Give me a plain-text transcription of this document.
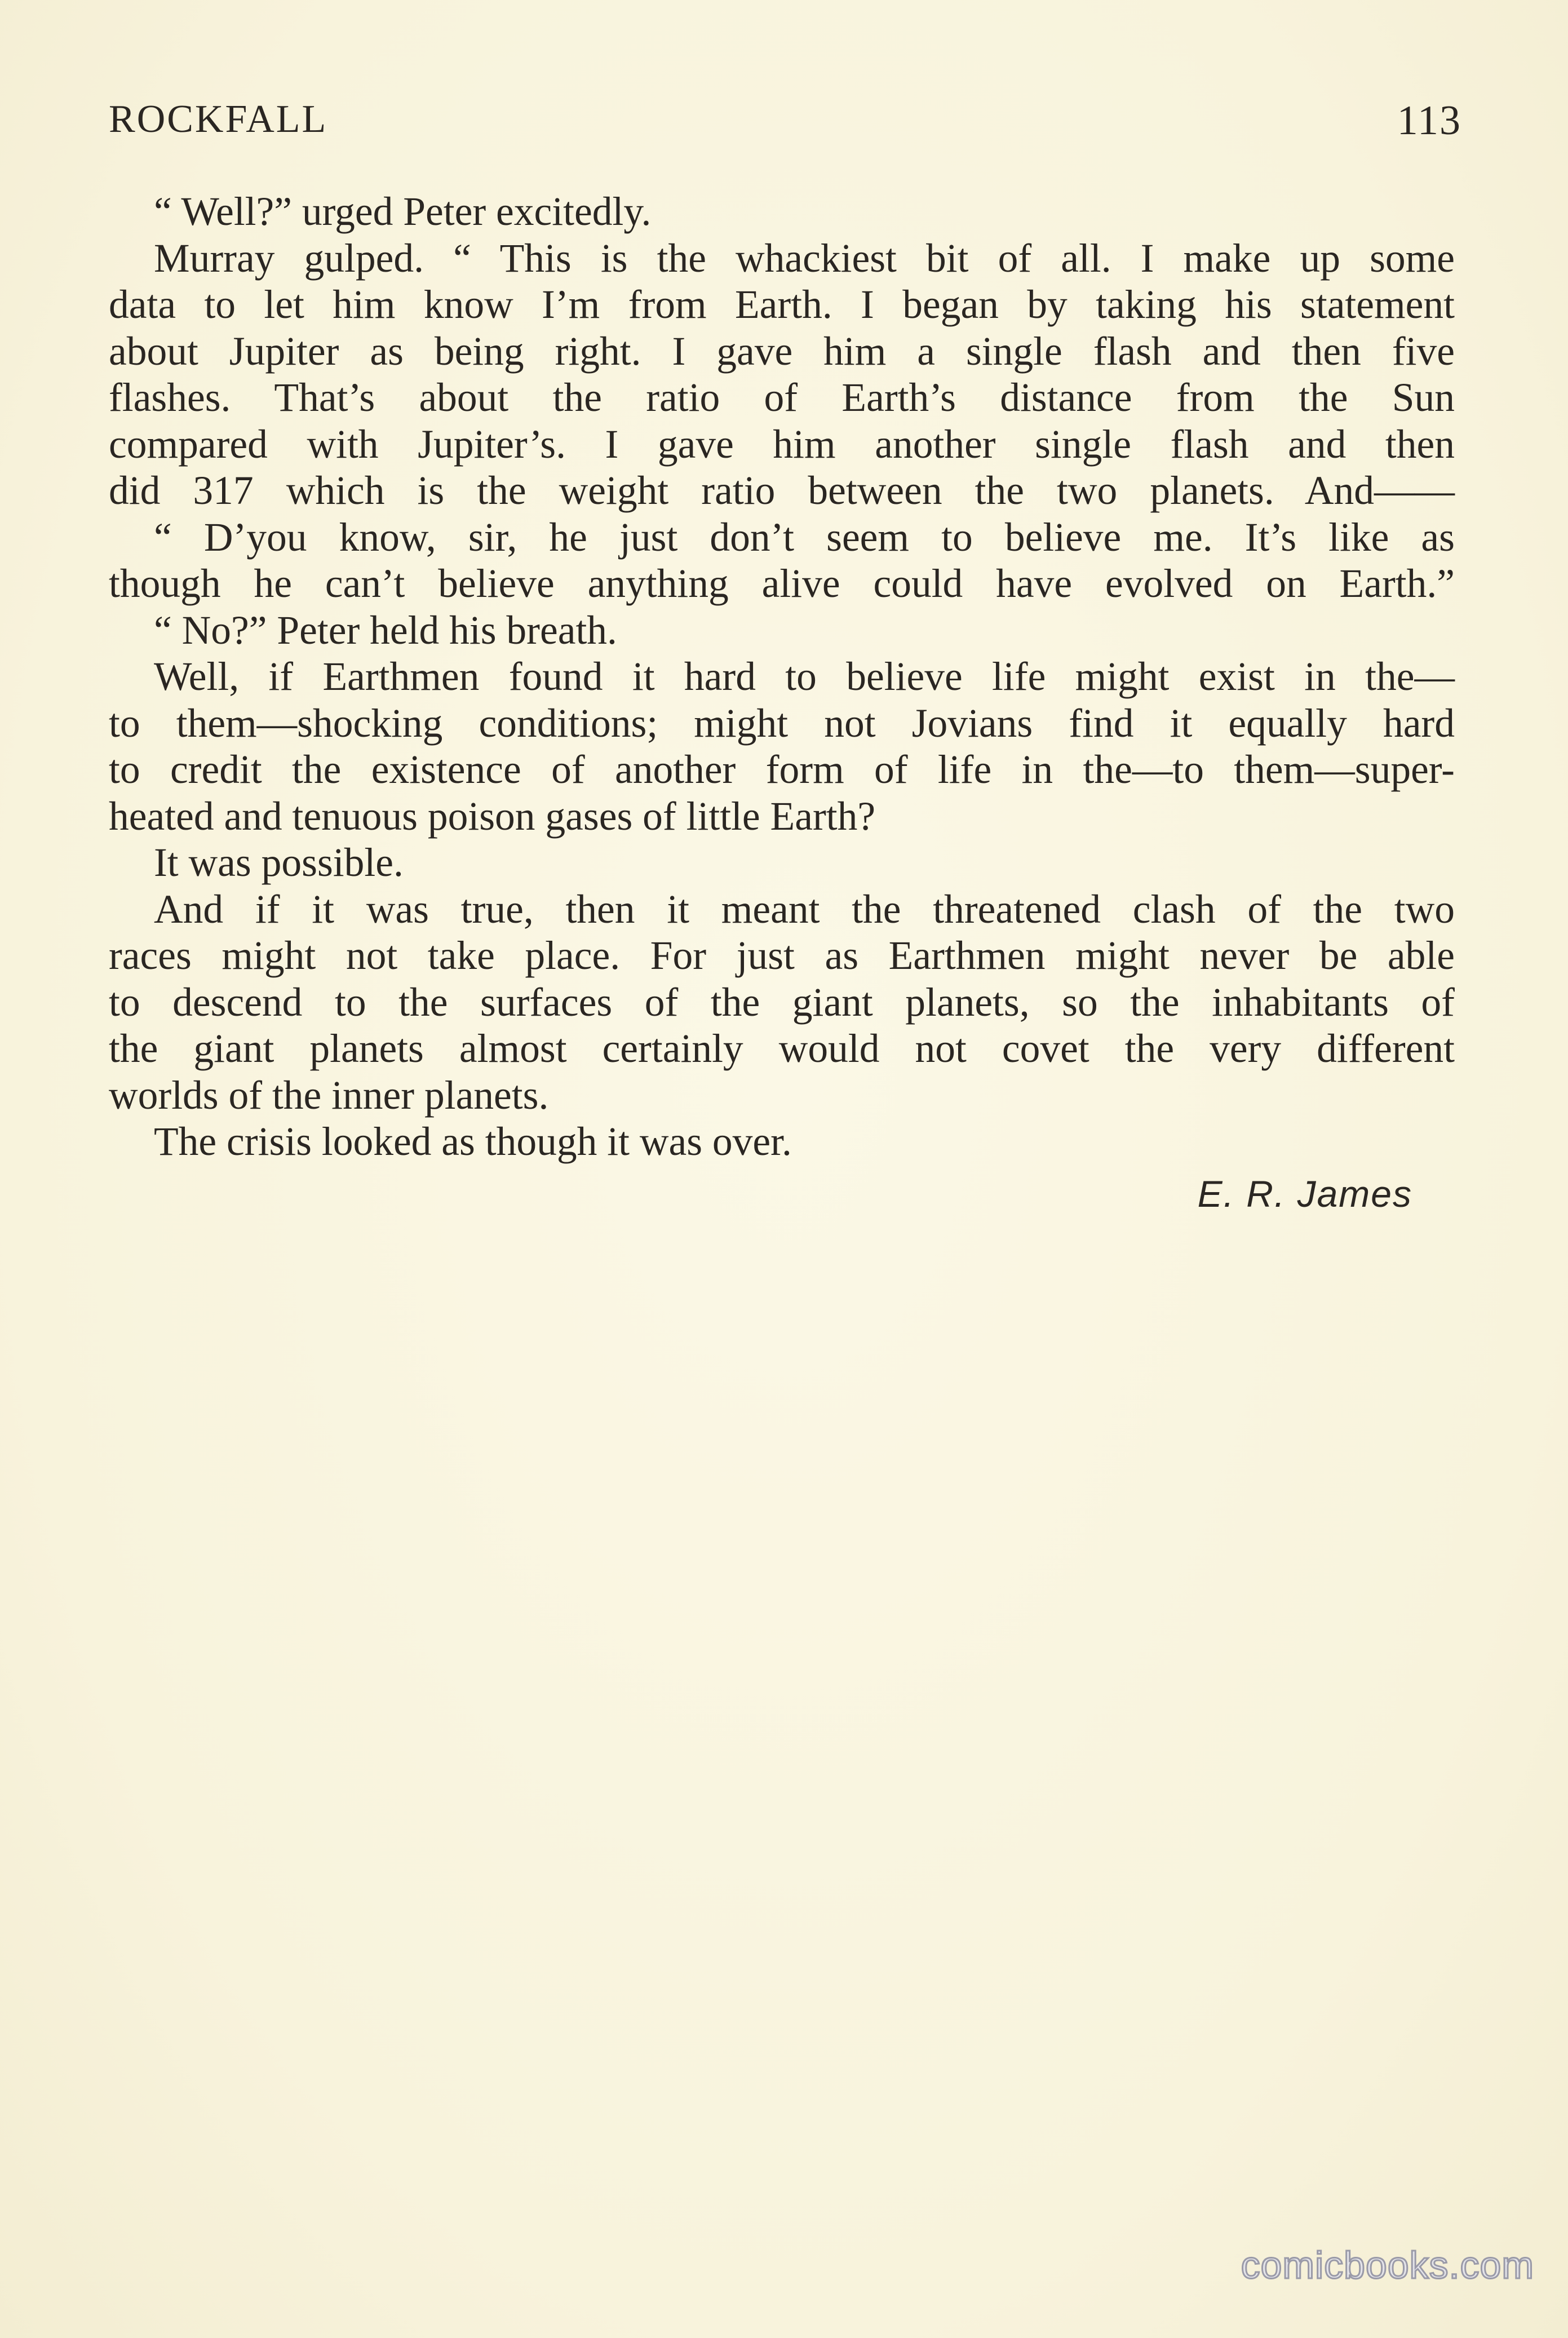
ROCKFALL	113
“ Well?” urged Peter excitedly.
Murray gulped. “ This is the whackiest bit of all. I make up some
data to let him know I’m from Earth. I began by taking his statement
about Jupiter as being right. I gave him a single flash and then five
flashes. That’s about the ratio of Earth’s distance from the Sun
compared with Jupiter’s. I gave him another single flash and then
did 317 which is the weight ratio between the two planets. And——
“ D’you know, sir, he just don’t seem to believe me. It’s like as
though he can’t believe anything alive could have evolved on Earth.”
“ No?” Peter held his breath.
Well, if Earthmen found it hard to believe life might exist in the—
to them—shocking conditions; might not Jovians find it equally hard
to credit the existence of another form of life in the—to them—super-
heated and tenuous poison gases of little Earth?
It was possible.
And if it was true, then it meant the threatened clash of the two
races might not take place. For just as Earthmen might never be able
to descend to the surfaces of the giant planets, so the inhabitants of
the giant planets almost certainly would not covet the very different
worlds of the inner planets.
The crisis looked as though it was over.
E. R. James
comicbooks.com
